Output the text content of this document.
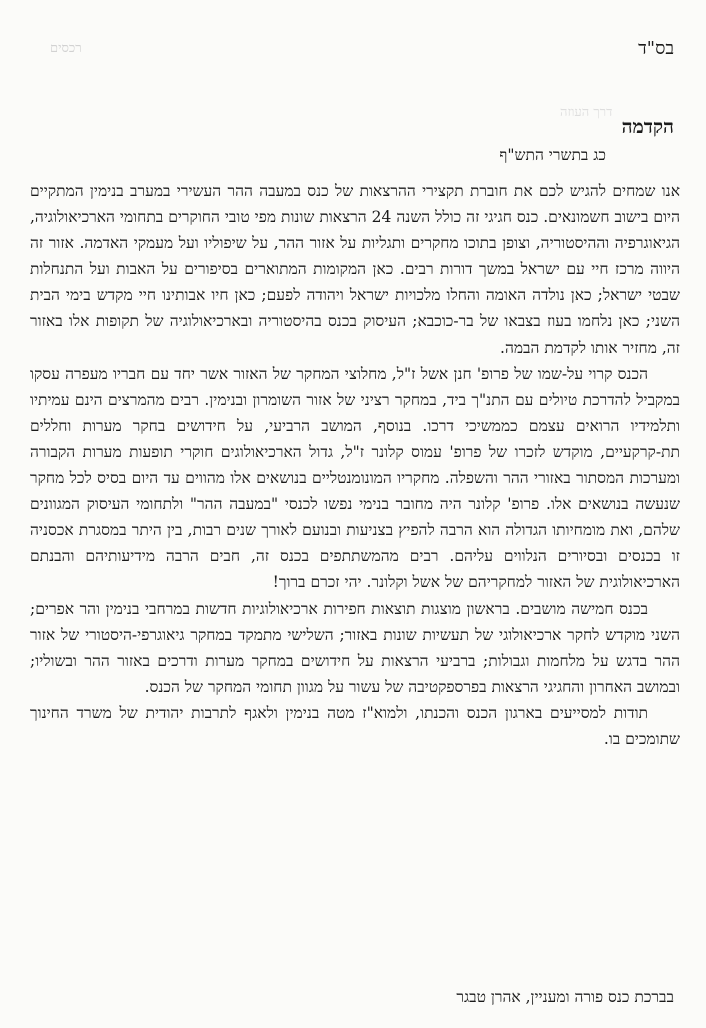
רכסים
דרך העוזה
בס"ד
הקדמה
כג בתשרי התש"ף

אנו שמחים להגיש לכם את חוברת תקצירי ההרצאות של כנס במעבה ההר העשירי במערב בנימין המתקיים היום בישוב חשמונאים. כנס חגיגי זה כולל השנה 24 הרצאות שונות מפי טובי החוקרים בתחומי הארכיאולוגיה, הגיאוגרפיה וההיסטוריה, וצופן בתוכו מחקרים ותגליות על אזור ההר, על שיפוליו ועל מעמקי האדמה. אזור זה היווה מרכז חיי עם ישראל במשך דורות רבים. כאן המקומות המתוארים בסיפורים על האבות ועל התנחלות שבטי ישראל; כאן נולדה האומה והחלו מלכויות ישראל ויהודה לפעם; כאן חיו אבותינו חיי מקדש בימי הבית השני; כאן נלחמו בעוז בצבאו של בר-כוכבא; העיסוק בכנס בהיסטוריה ובארכיאולוגיה של תקופות אלו באזור זה, מחזיר אותו לקדמת הבמה.

הכנס קרוי על-שמו של פרופ' חנן אשל ז"ל, מחלוצי המחקר של האזור אשר יחד עם חבריו מעפרה עסקו במקביל להדרכת טיולים עם התנ"ך ביד, במחקר רציני של אזור השומרון ובנימין. רבים מהמרצים הינם עמיתיו ותלמידיו הרואים עצמם כממשיכי דרכו. בנוסף, המושב הרביעי, על חידושים בחקר מערות וחללים תת-קרקעיים, מוקדש לזכרו של פרופ' עמוס קלונר ז"ל, גדול הארכיאולוגים חוקרי תופעות מערות הקבורה ומערכות המסתור באזורי ההר והשפלה. מחקריו המונומנטליים בנושאים אלו מהווים עד היום בסיס לכל מחקר שנעשה בנושאים אלו. פרופ' קלונר היה מחובר בנימי נפשו לכנסי "במעבה ההר" ולתחומי העיסוק המגוונים שלהם, ואת מומחיותו הגדולה הוא הרבה להפיץ בצניעות ובנועם לאורך שנים רבות, בין היתר במסגרת אכסניה זו בכנסים ובסיורים הנלווים עליהם. רבים מהמשתתפים בכנס זה, חבים הרבה מידיעותיהם והבנתם הארכיאולוגית של האזור למחקריהם של אשל וקלונר. יהי זכרם ברוך!

בכנס חמישה מושבים. בראשון מוצגות תוצאות חפירות ארכיאולוגיות חדשות במרחבי בנימין והר אפרים; השני מוקדש לחקר ארכיאולוגי של תעשיות שונות באזור; השלישי מתמקד במחקר גיאוגרפי-היסטורי של אזור ההר בדגש על מלחמות וגבולות; ברביעי הרצאות על חידושים במחקר מערות ודרכים באזור ההר ובשוליו; ובמושב האחרון והחגיגי הרצאות בפרספקטיבה של עשור על מגוון תחומי המחקר של הכנס.

תודות למסייעים בארגון הכנס והכנתו, ולמוא"ז מטה בנימין ולאגף לתרבות יהודית של משרד החינוך שתומכים בו.

בברכת כנס פורה ומעניין, אהרן טבגר
